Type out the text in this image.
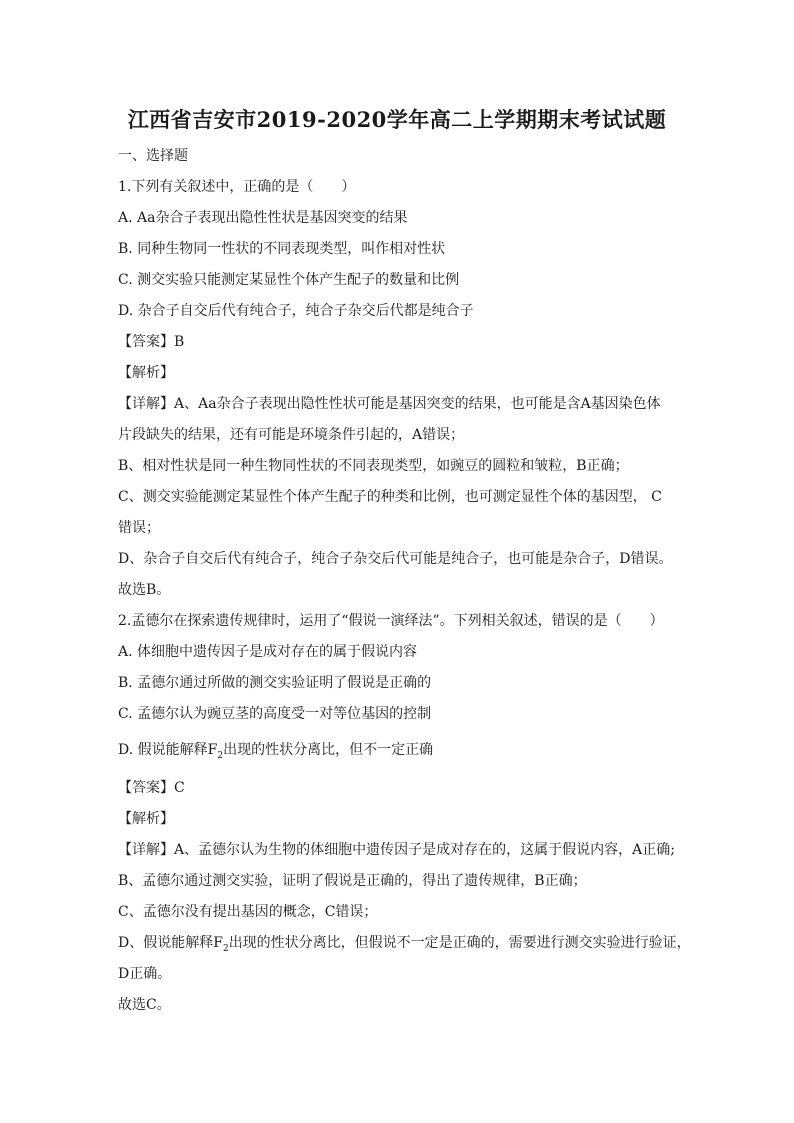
江西省吉安市2019-2020学年高二上学期期末考试试题
一、选择题
1.下列有关叙述中，正确的是（　　）
A. Aa杂合子表现出隐性性状是基因突变的结果
B. 同种生物同一性状的不同表现类型，叫作相对性状
C. 测交实验只能测定某显性个体产生配子的数量和比例
D. 杂合子自交后代有纯合子，纯合子杂交后代都是纯合子
【答案】B
【解析】
【详解】A、Aa杂合子表现出隐性性状可能是基因突变的结果，也可能是含A基因染色体
片段缺失的结果，还有可能是环境条件引起的，A错误；
B、相对性状是同一种生物同性状的不同表现类型，如豌豆的圆粒和皱粒，B正确；
C、测交实验能测定某显性个体产生配子的种类和比例，也可测定显性个体的基因型， C
错误；
D、杂合子自交后代有纯合子，纯合子杂交后代可能是纯合子，也可能是杂合子，D错误。
故选B。
2.孟德尔在探索遗传规律时，运用了“假说一演绎法”。下列相关叙述，错误的是（　　）
A. 体细胞中遗传因子是成对存在的属于假说内容
B. 孟德尔通过所做的测交实验证明了假说是正确的
C. 孟德尔认为豌豆茎的高度受一对等位基因的控制
D. 假说能解释$F_2$出现的性状分离比，但不一定正确
【答案】C
【解析】
【详解】A、孟德尔认为生物的体细胞中遗传因子是成对存在的，这属于假说内容，A正确;
B、孟德尔通过测交实验，证明了假说是正确的，得出了遗传规律，B正确；
C、孟德尔没有提出基因的概念，C错误；
D、假说能解释$F_2$出现的性状分离比，但假说不一定是正确的，需要进行测交实验进行验证，
D正确。
故选C。
